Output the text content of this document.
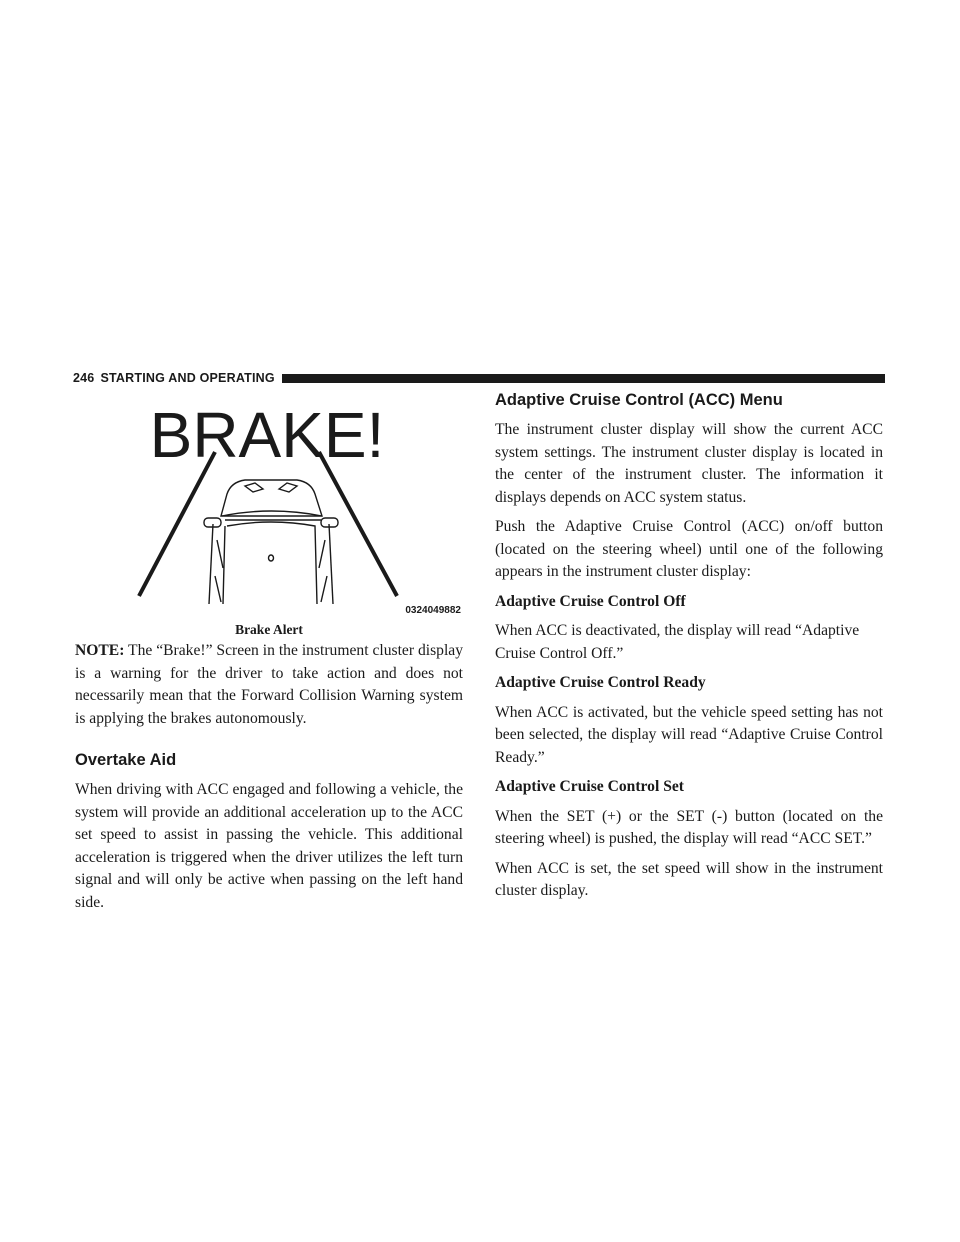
246 STARTING AND OPERATING
BRAKE!
0324049882
Brake Alert

NOTE: The “Brake!” Screen in the instrument cluster display is a warning for the driver to take action and does not necessarily mean that the Forward Collision Warning system is applying the brakes autonomously.

Overtake Aid

When driving with ACC engaged and following a vehicle, the system will provide an additional acceleration up to the ACC set speed to assist in passing the vehicle. This additional acceleration is triggered when the driver utilizes the left turn signal and will only be active when passing on the left hand side.

Adaptive Cruise Control (ACC) Menu

The instrument cluster display will show the current ACC system settings. The instrument cluster display is located in the center of the instrument cluster. The information it displays depends on ACC system status.

Push the Adaptive Cruise Control (ACC) on/off button (located on the steering wheel) until one of the following appears in the instrument cluster display:

Adaptive Cruise Control Off

When ACC is deactivated, the display will read “Adaptive Cruise Control Off.”

Adaptive Cruise Control Ready

When ACC is activated, but the vehicle speed setting has not been selected, the display will read “Adaptive Cruise Control Ready.”

Adaptive Cruise Control Set

When the SET (+) or the SET (-) button (located on the steering wheel) is pushed, the display will read “ACC SET.”

When ACC is set, the set speed will show in the instrument cluster display.
